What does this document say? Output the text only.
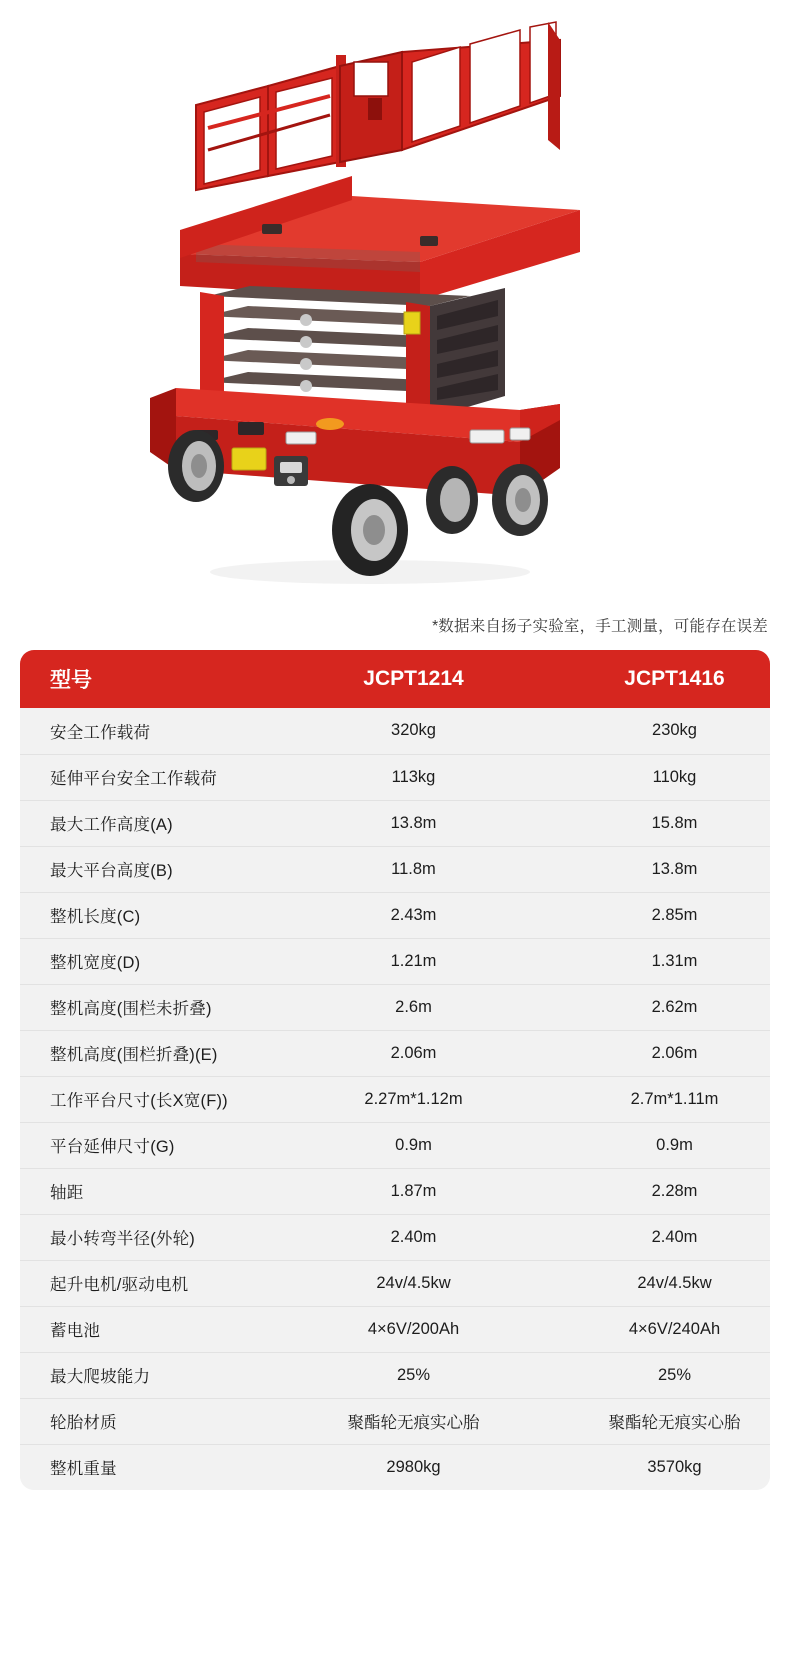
*数据来自扬子实验室，手工测量，可能存在误差
型号	JCPT1214	JCPT1416
安全工作载荷	320kg	230kg
延伸平台安全工作载荷	113kg	110kg
最大工作高度(A)	13.8m	15.8m
最大平台高度(B)	11.8m	13.8m
整机长度(C)	2.43m	2.85m
整机宽度(D)	1.21m	1.31m
整机高度(围栏未折叠)	2.6m	2.62m
整机高度(围栏折叠)(E)	2.06m	2.06m
工作平台尺寸(长X宽(F))	2.27m*1.12m	2.7m*1.11m
平台延伸尺寸(G)	0.9m	0.9m
轴距	1.87m	2.28m
最小转弯半径(外轮)	2.40m	2.40m
起升电机/驱动电机	24v/4.5kw	24v/4.5kw
蓄电池	4×6V/200Ah	4×6V/240Ah
最大爬坡能力	25%	25%
轮胎材质	聚酯轮无痕实心胎	聚酯轮无痕实心胎
整机重量	2980kg	3570kg
